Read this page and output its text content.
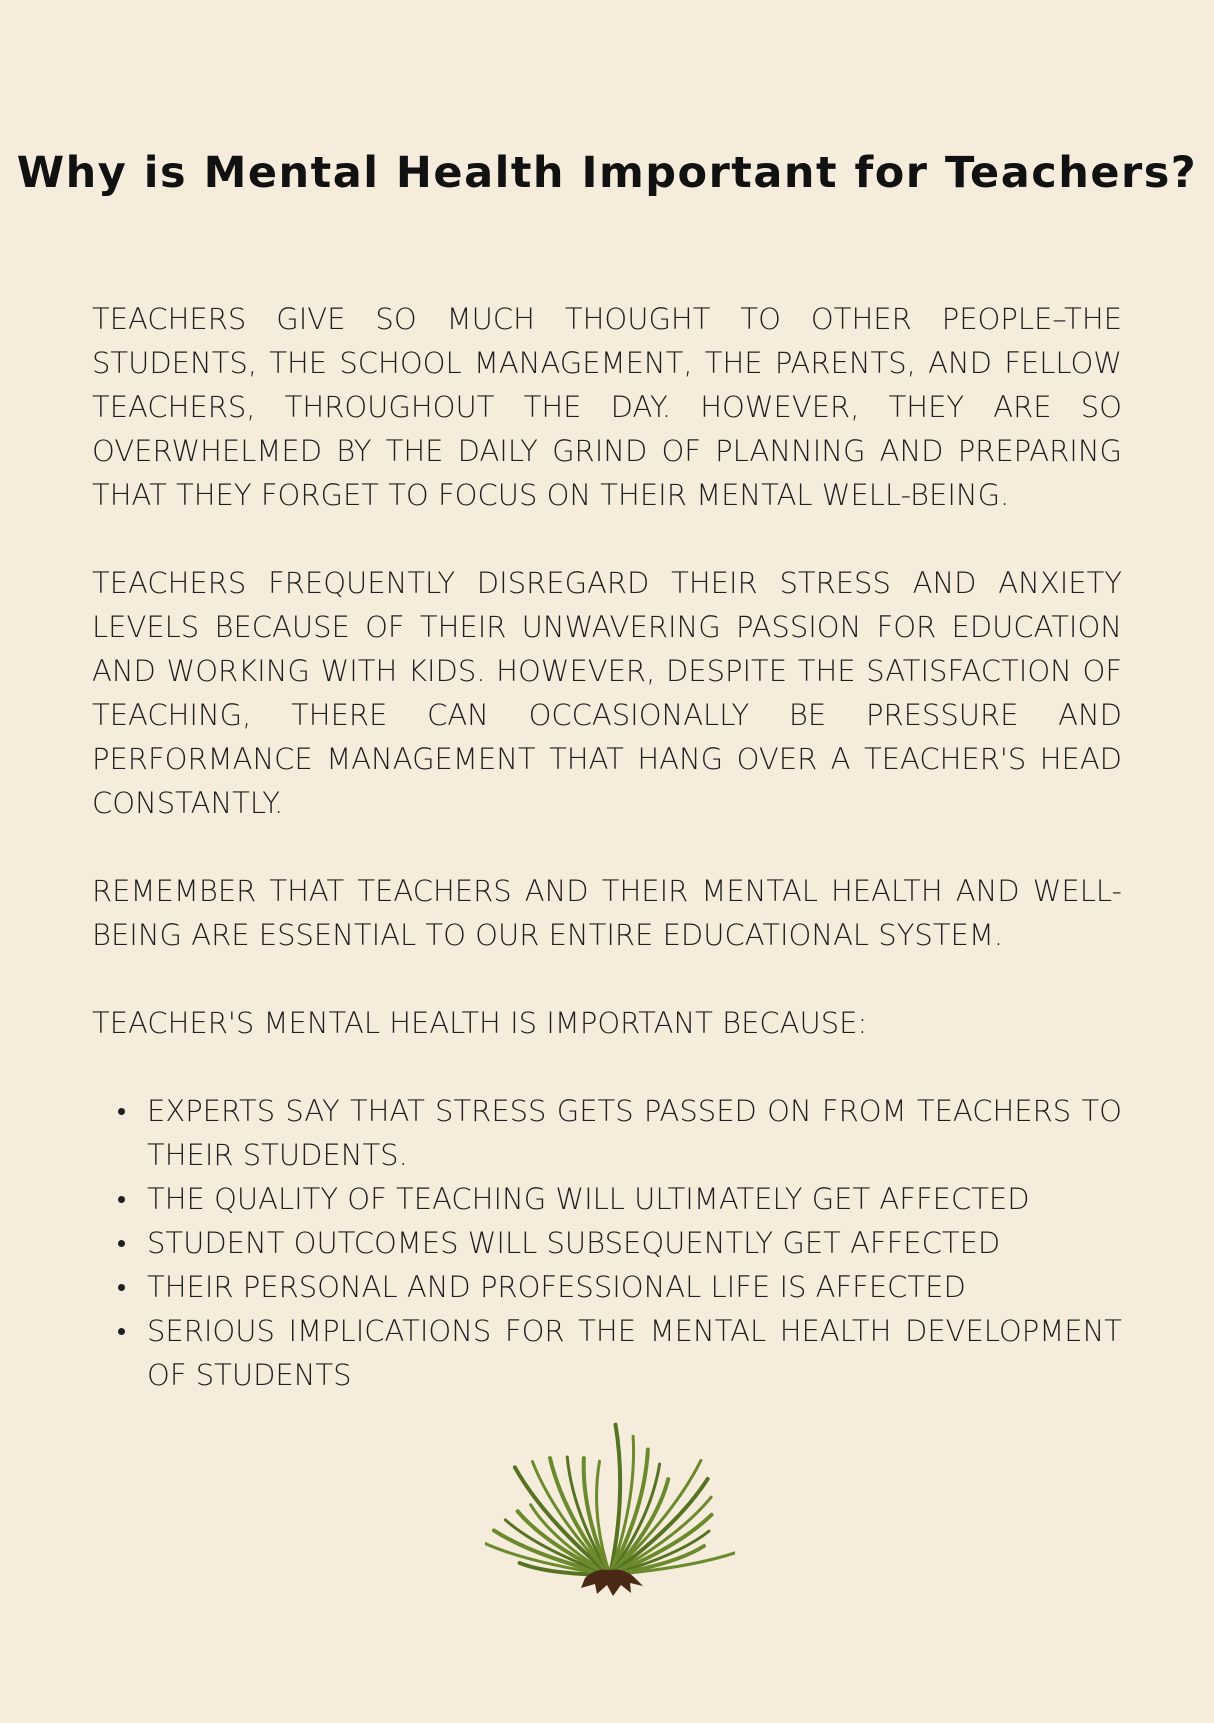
Why is Mental Health Important for Teachers?

TEACHERS GIVE SO MUCH THOUGHT TO OTHER PEOPLE–THE STUDENTS, THE SCHOOL MANAGEMENT, THE PARENTS, AND FELLOW TEACHERS, THROUGHOUT THE DAY. HOWEVER, THEY ARE SO OVERWHELMED BY THE DAILY GRIND OF PLANNING AND PREPARING THAT THEY FORGET TO FOCUS ON THEIR MENTAL WELL-BEING.

TEACHERS FREQUENTLY DISREGARD THEIR STRESS AND ANXIETY LEVELS BECAUSE OF THEIR UNWAVERING PASSION FOR EDUCATION AND WORKING WITH KIDS. HOWEVER, DESPITE THE SATISFACTION OF TEACHING, THERE CAN OCCASIONALLY BE PRESSURE AND PERFORMANCE MANAGEMENT THAT HANG OVER A TEACHER'S HEAD CONSTANTLY.

REMEMBER THAT TEACHERS AND THEIR MENTAL HEALTH AND WELL-BEING ARE ESSENTIAL TO OUR ENTIRE EDUCATIONAL SYSTEM.

TEACHER'S MENTAL HEALTH IS IMPORTANT BECAUSE:

EXPERTS SAY THAT STRESS GETS PASSED ON FROM TEACHERS TO THEIR STUDENTS.
THE QUALITY OF TEACHING WILL ULTIMATELY GET AFFECTED
STUDENT OUTCOMES WILL SUBSEQUENTLY GET AFFECTED
THEIR PERSONAL AND PROFESSIONAL LIFE IS AFFECTED
SERIOUS IMPLICATIONS FOR THE MENTAL HEALTH DEVELOPMENT OF STUDENTS
